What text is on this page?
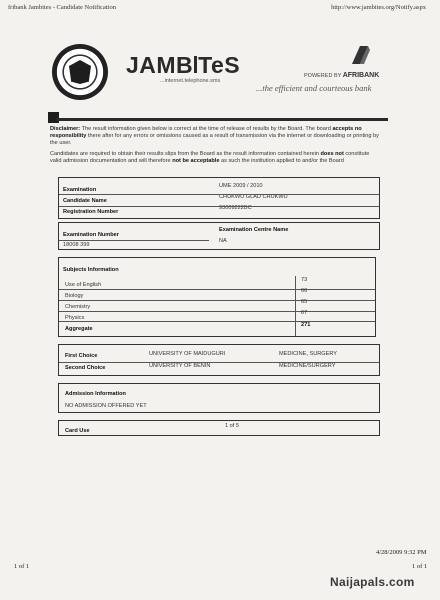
fribank Jambites - Candidate Notification	http://www.jambites.org/Notify.aspx
JAMB TeS
...internet.telephone.sms
POWERED BY AFRIBANK
...the efficient and courteous bank

Disclaimer: The result information given below is correct at the time of release of results by the Board. The board accepts no responsibility there after for any errors or omissions caused as a result of transmission via the internet or downloading or printing by the user.

Candidates are required to obtain their results slips from the Board as the result information contained herein does not constitute valid admission documentation and will therefore not be acceptable as such the institution applied to and/or the Board

Examination
UME 2009 / 2010
Candidate Name
CHUKWU GLAD CHUKWU
Registration Number
93009222BC
Examination Number
Examination Centre Name
18008 399
NA
Subjects Information
Use of English
73
Biology
66
Chemistry
65
Physics
67
Aggregate
271
First Choice	UNIVERSITY OF MAIDUGURI	MEDICINE, SURGERY
Second Choice	UNIVERSITY OF BENIN	MEDICINE/SURGERY
Admission Information
NO ADMISSION OFFERED YET
Card Use
1 of 5
4/28/2009 9:32 PM
1 of 1	1 of 1
Naijapals.com
